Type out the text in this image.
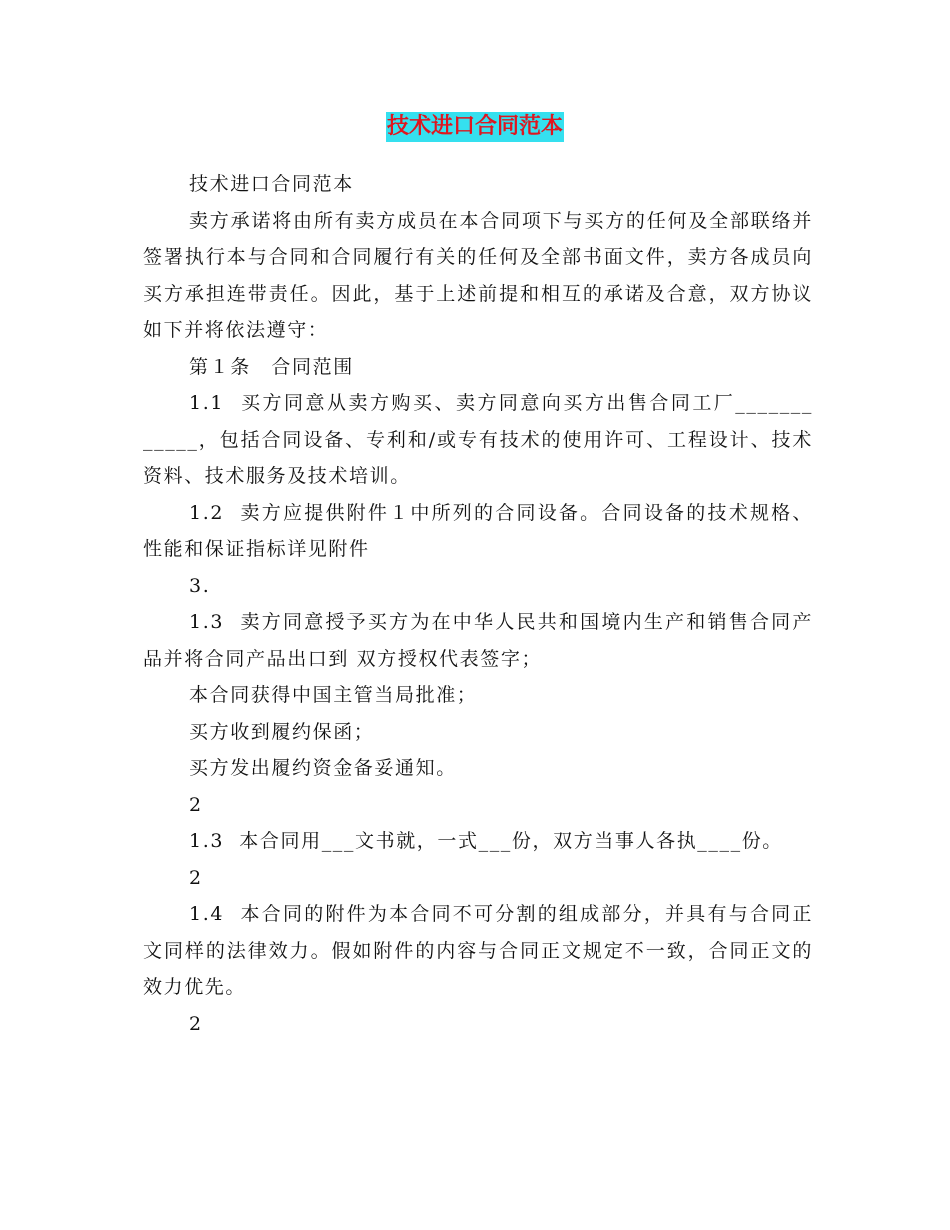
技术进口合同范本

技术进口合同范本

卖方承诺将由所有卖方成员在本合同项下与买方的任何及全部联络并签署执行本与合同和合同履行有关的任何及全部书面文件，卖方各成员向买方承担连带责任。因此，基于上述前提和相互的承诺及合意，双方协议如下并将依法遵守：

第１条　合同范围

1.1  买方同意从卖方购买、卖方同意向买方出售合同工厂_______ _____，包括合同设备、专利和/或专有技术的使用许可、工程设计、技术资料、技术服务及技术培训。

1.2  卖方应提供附件１中所列的合同设备。合同设备的技术规格、性能和保证指标详见附件

3.

1.3  卖方同意授予买方为在中华人民共和国境内生产和销售合同产品并将合同产品出口到 双方授权代表签字；

本合同获得中国主管当局批准；

买方收到履约保函；

买方发出履约资金备妥通知。

2

1.3  本合同用___文书就，一式___份，双方当事人各执____份。

2

1.4  本合同的附件为本合同不可分割的组成部分，并具有与合同正文同样的法律效力。假如附件的内容与合同正文规定不一致，合同正文的效力优先。

2
